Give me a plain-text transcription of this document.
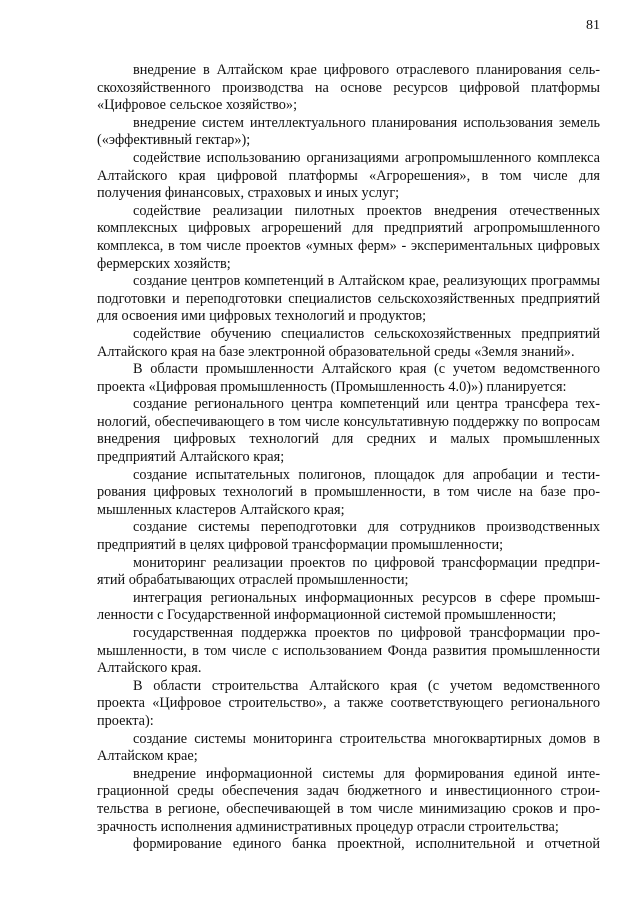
81

внедрение в Алтайском крае цифрового отраслевого планирования сельскохозяйственного производства на основе ресурсов цифровой платформы «Цифровое сельское хозяйство»;

внедрение систем интеллектуального планирования использования земель («эффективный гектар»);

содействие использованию организациями агропромышленного комплекса Алтайского края цифровой платформы «Агрорешения», в том числе для получения финансовых, страховых и иных услуг;

содействие реализации пилотных проектов внедрения отечественных комплексных цифровых агрорешений для предприятий агропромышленного комплекса, в том числе проектов «умных ферм» - экспериментальных цифровых фермерских хозяйств;

создание центров компетенций в Алтайском крае, реализующих программы подготовки и переподготовки специалистов сельскохозяйственных предприятий для освоения ими цифровых технологий и продуктов;

содействие обучению специалистов сельскохозяйственных предприятий Алтайского края на базе электронной образовательной среды «Земля знаний».

В области промышленности Алтайского края (с учетом ведомственного проекта «Цифровая промышленность (Промышленность 4.0)») планируется:

создание регионального центра компетенций или центра трансфера технологий, обеспечивающего в том числе консультативную поддержку по вопросам внедрения цифровых технологий для средних и малых промышленных предприятий Алтайского края;

создание испытательных полигонов, площадок для апробации и тестирования цифровых технологий в промышленности, в том числе на базе промышленных кластеров Алтайского края;

создание системы переподготовки для сотрудников производственных предприятий в целях цифровой трансформации промышленности;

мониторинг реализации проектов по цифровой трансформации предприятий обрабатывающих отраслей промышленности;

интеграция региональных информационных ресурсов в сфере промышленности с Государственной информационной системой промышленности;

государственная поддержка проектов по цифровой трансформации промышленности, в том числе с использованием Фонда развития промышленности Алтайского края.

В области строительства Алтайского края (с учетом ведомственного проекта «Цифровое строительство», а также соответствующего регионального проекта):

создание системы мониторинга строительства многоквартирных домов в Алтайском крае;

внедрение информационной системы для формирования единой интеграционной среды обеспечения задач бюджетного и инвестиционного строительства в регионе, обеспечивающей в том числе минимизацию сроков и прозрачность исполнения административных процедур отрасли строительства;

формирование единого банка проектной, исполнительной и отчетной
